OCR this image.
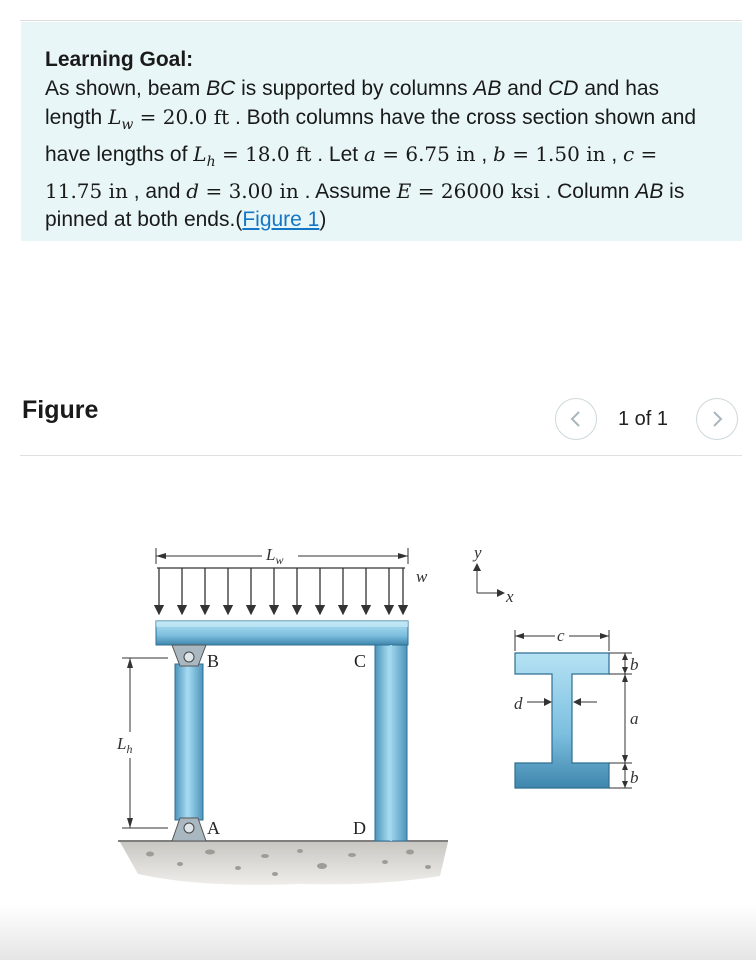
Learning Goal:
As shown, beam BC is supported by columns AB and CD and has length $L_w = 20.0$ ft . Both columns have the cross section shown and have lengths of $L_h = 18.0$ ft . Let a = 6.75 in , b = 1.50 in , c = 11.75 in , and d = 3.00 in . Assume E = 26000 ksi . Column AB is pinned at both ends.(Figure 1)
Figure	1 of 1
$L_w$
w
B	C
A	D
$L_h$
y
x
c
d
b
a
b
